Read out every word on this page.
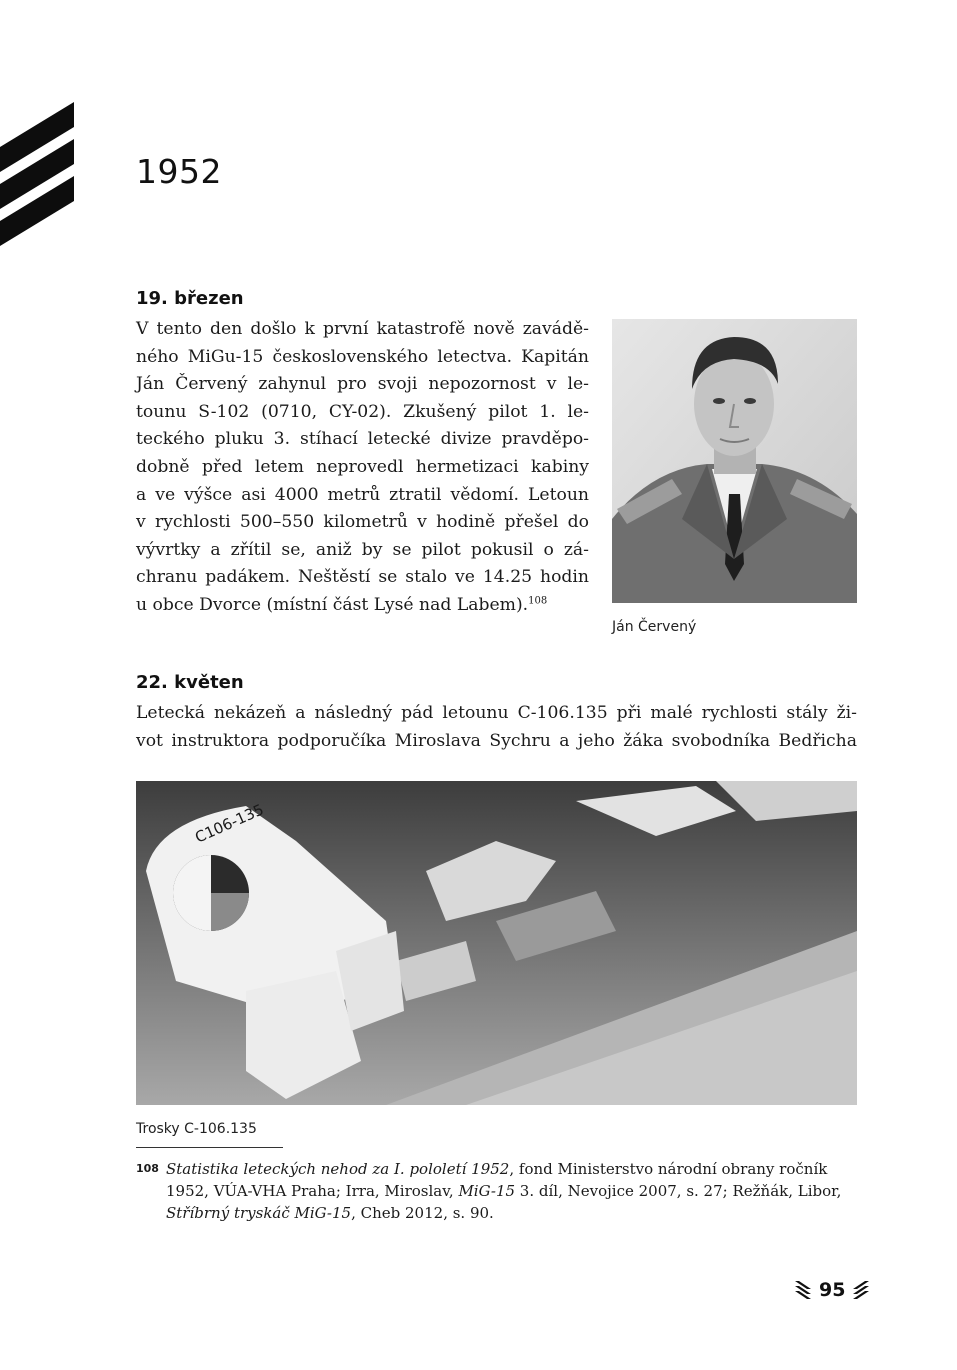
1952
19. březen
V tento den došlo k první katastrofě nově zavádě-
ného MiGu-15 československého letectva. Kapitán
Ján Červený zahynul pro svoji nepozornost v le-
tounu S-102 (0710, CY-02). Zkušený pilot 1. le-
teckého pluku 3. stíhací letecké divize pravděpo-
dobně před letem neprovedl hermetizaci kabiny
a ve výšce asi 4000 metrů ztratil vědomí. Letoun
v rychlosti 500–550 kilometrů v hodině přešel do
vývrtky a zřítil se, aniž by se pilot pokusil o zá-
chranu padákem. Neštěstí se stalo ve 14.25 hodin
u obce Dvorce (místní část Lysé nad Labem).$^{108}$
Ján Červený
22. květen
Letecká nekázeň a následný pád letounu C-106.135 při malé rychlosti stály ži-
vot instruktora podporučíka Miroslava Sychru a jeho žáka svobodníka Bedřicha
C106-135
Trosky C-106.135
108 Statistika leteckých nehod za I. pololetí 1952, fond Ministerstvo národní obrany ročník 1952, VÚA-VHA Praha; Irra, Miroslav, MiG-15 3. díl, Nevojice 2007, s. 27; Režňák, Libor, Stříbrný tryskáč MiG-15, Cheb 2012, s. 90.
95
